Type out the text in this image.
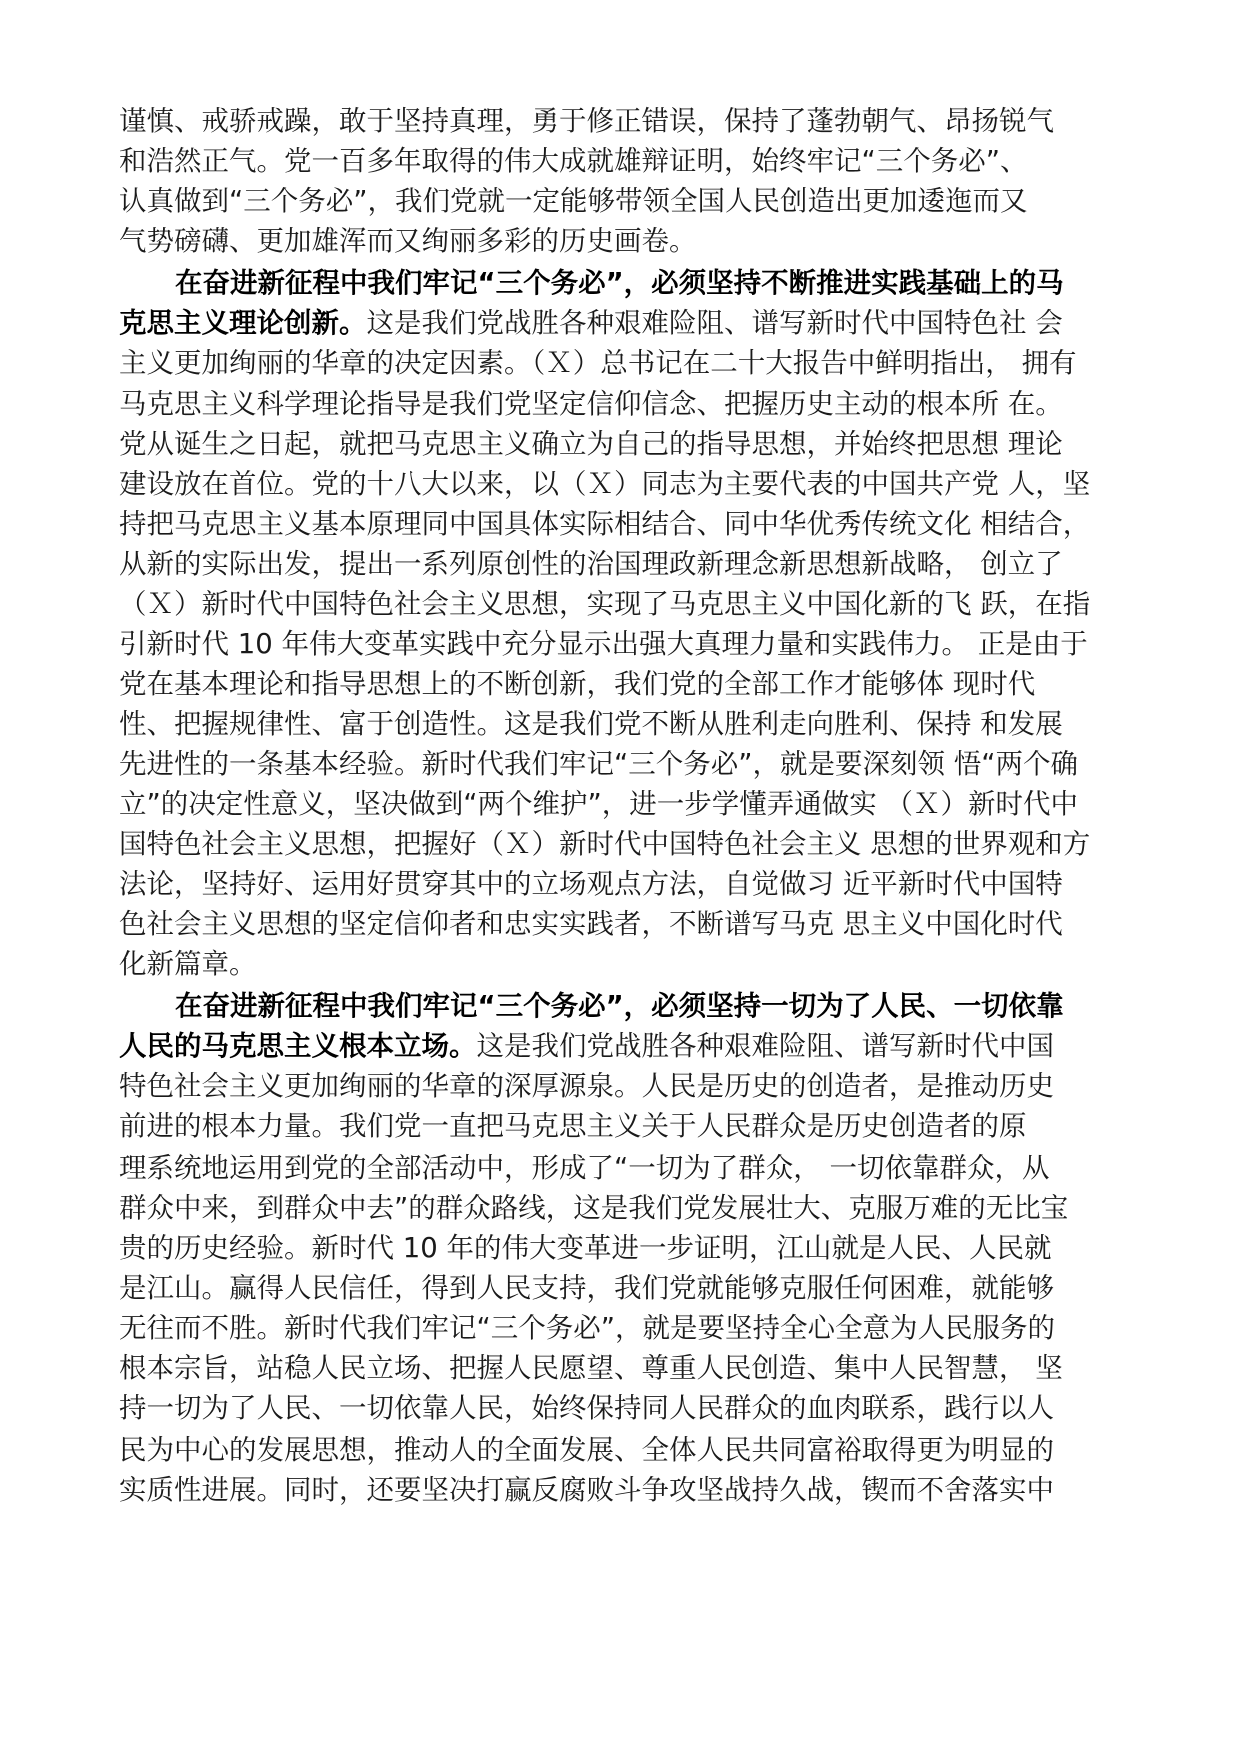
谨慎、戒骄戒躁，敢于坚持真理，勇于修正错误，保持了蓬勃朝气、昂扬锐气
和浩然正气。党一百多年取得的伟大成就雄辩证明，始终牢记“三个务必”、
认真做到“三个务必”，我们党就一定能够带领全国人民创造出更加逶迤而又
气势磅礴、更加雄浑而又绚丽多彩的历史画卷。
在奋进新征程中我们牢记“三个务必”，必须坚持不断推进实践基础上的马
克思主义理论创新。这是我们党战胜各种艰难险阻、谱写新时代中国特色社 会
主义更加绚丽的华章的决定因素。（Ｘ）总书记在二十大报告中鲜明指出， 拥有
马克思主义科学理论指导是我们党坚定信仰信念、把握历史主动的根本所 在。
党从诞生之日起，就把马克思主义确立为自己的指导思想，并始终把思想 理论
建设放在首位。党的十八大以来，以（Ｘ）同志为主要代表的中国共产党 人，坚
持把马克思主义基本原理同中国具体实际相结合、同中华优秀传统文化 相结合，
从新的实际出发，提出一系列原创性的治国理政新理念新思想新战略， 创立了
（Ｘ）新时代中国特色社会主义思想，实现了马克思主义中国化新的飞 跃，在指
引新时代 10 年伟大变革实践中充分显示出强大真理力量和实践伟力。 正是由于
党在基本理论和指导思想上的不断创新，我们党的全部工作才能够体 现时代
性、把握规律性、富于创造性。这是我们党不断从胜利走向胜利、保持 和发展
先进性的一条基本经验。新时代我们牢记“三个务必”，就是要深刻领 悟“两个确
立”的决定性意义，坚决做到“两个维护”，进一步学懂弄通做实 （Ｘ）新时代中
国特色社会主义思想，把握好（Ｘ）新时代中国特色社会主义 思想的世界观和方
法论，坚持好、运用好贯穿其中的立场观点方法，自觉做习 近平新时代中国特
色社会主义思想的坚定信仰者和忠实实践者，不断谱写马克 思主义中国化时代
化新篇章。
在奋进新征程中我们牢记“三个务必”，必须坚持一切为了人民、一切依靠
人民的马克思主义根本立场。这是我们党战胜各种艰难险阻、谱写新时代中国
特色社会主义更加绚丽的华章的深厚源泉。人民是历史的创造者，是推动历史
前进的根本力量。我们党一直把马克思主义关于人民群众是历史创造者的原
理系统地运用到党的全部活动中，形成了“一切为了群众， 一切依靠群众，从
群众中来，到群众中去”的群众路线，这是我们党发展壮大、克服万难的无比宝
贵的历史经验。新时代 10 年的伟大变革进一步证明，江山就是人民、人民就
是江山。赢得人民信任，得到人民支持，我们党就能够克服任何困难，就能够
无往而不胜。新时代我们牢记“三个务必”，就是要坚持全心全意为人民服务的
根本宗旨，站稳人民立场、把握人民愿望、尊重人民创造、集中人民智慧， 坚
持一切为了人民、一切依靠人民，始终保持同人民群众的血肉联系，践行以人
民为中心的发展思想，推动人的全面发展、全体人民共同富裕取得更为明显的
实质性进展。同时，还要坚决打赢反腐败斗争攻坚战持久战，锲而不舍落实中
